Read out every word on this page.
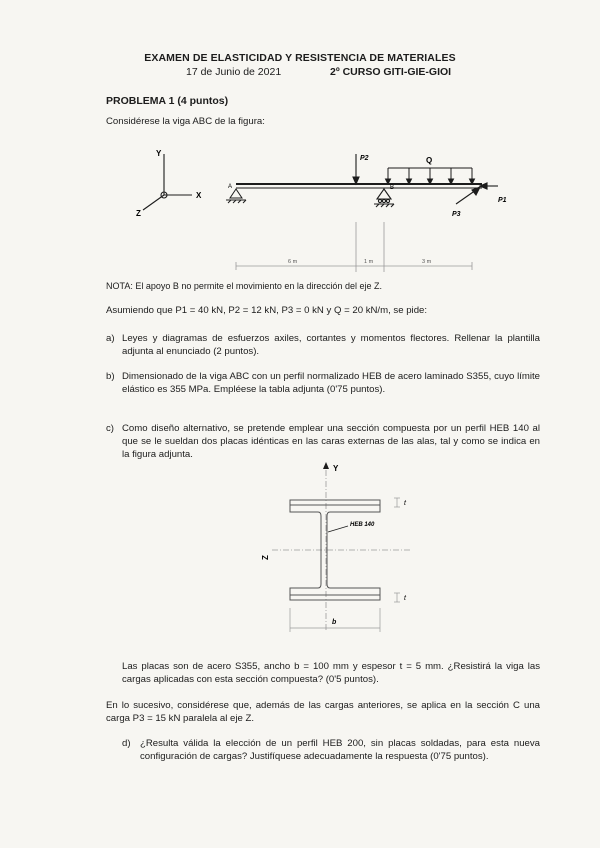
EXAMEN DE ELASTICIDAD Y RESISTENCIA DE MATERIALES
17 de Junio de 2021	2º CURSO GITI-GIE-GIOI
PROBLEMA 1 (4 puntos)
Considérese la viga ABC de la figura:
Y
X
Z
A	B
P2	Q
P1
P3
6 m	1 m	3 m
NOTA: El apoyo B no permite el movimiento en la dirección del eje Z.
Asumiendo que P1 = 40 kN, P2 = 12 kN, P3 = 0 kN y Q = 20 kN/m, se pide:
a) Leyes y diagramas de esfuerzos axiles, cortantes y momentos flectores. Rellenar la plantilla adjunta al enunciado (2 puntos).
b) Dimensionado de la viga ABC con un perfil normalizado HEB de acero laminado S355, cuyo límite elástico es 355 MPa. Empléese la tabla adjunta (0'75 puntos).
c) Como diseño alternativo, se pretende emplear una sección compuesta por un perfil HEB 140 al que se le sueldan dos placas idénticas en las caras externas de las alas, tal y como se indica en la figura adjunta.
Y
Z
HEB 140
t
t
b
Las placas son de acero S355, ancho b = 100 mm y espesor t = 5 mm. ¿Resistirá la viga las cargas aplicadas con esta sección compuesta? (0'5 puntos).
En lo sucesivo, considérese que, además de las cargas anteriores, se aplica en la sección C una carga P3 = 15 kN paralela al eje Z.
d) ¿Resulta válida la elección de un perfil HEB 200, sin placas soldadas, para esta nueva configuración de cargas? Justifíquese adecuadamente la respuesta (0'75 puntos).
